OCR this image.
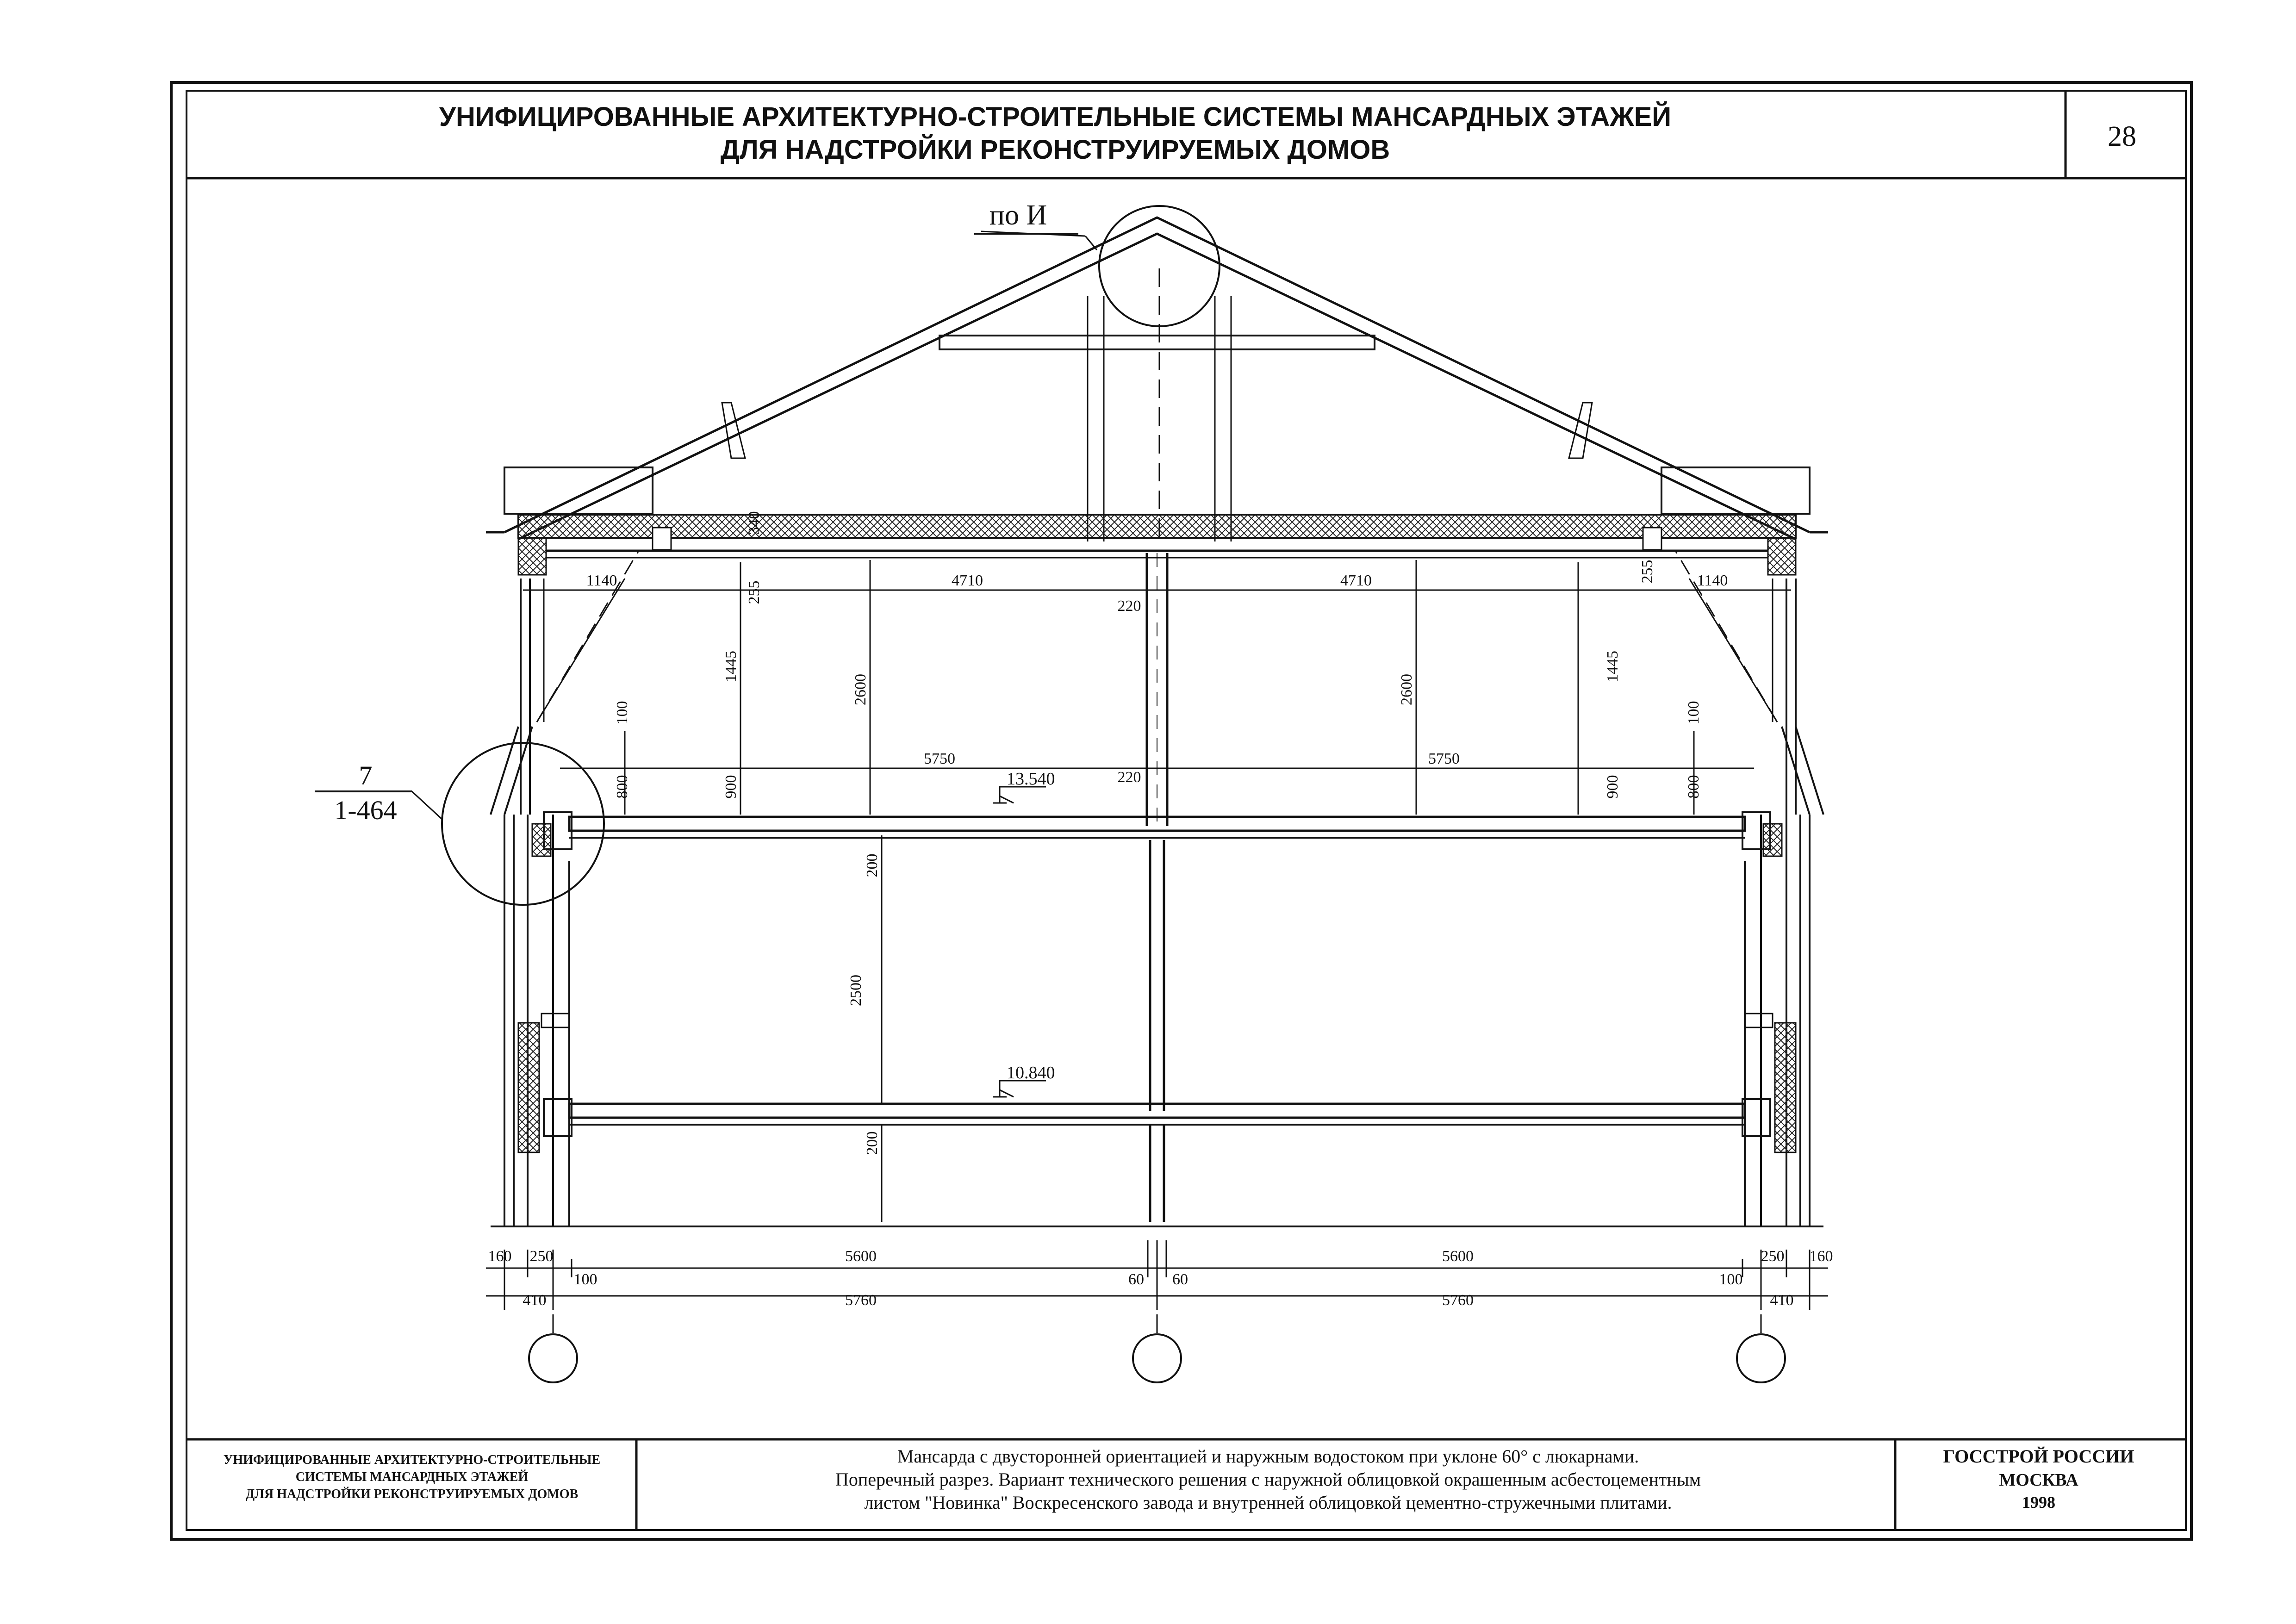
УНИФИЦИРОВАННЫЕ АРХИТЕКТУРНО-СТРОИТЕЛЬНЫЕ СИСТЕМЫ МАНСАРДНЫХ ЭТАЖЕЙ
ДЛЯ НАДСТРОЙКИ РЕКОНСТРУИРУЕМЫХ ДОМОВ	28
7
1-464
по И
13.540
10.840
1140	4710
220
4710	1140
5750
220
5750
340
255
255
1445	1445
2600	2600
100	100
800	800
900	900
200
2500
200
160 250	5600	5600	250 160
100	60 60	100
410	5760	5760	410
УНИФИЦИРОВАННЫЕ АРХИТЕКТУРНО-СТРОИТЕЛЬНЫЕ
СИСТЕМЫ МАНСАРДНЫХ ЭТАЖЕЙ
ДЛЯ НАДСТРОЙКИ РЕКОНСТРУИРУЕМЫХ ДОМОВ
Мансарда с двусторонней ориентацией и наружным водостоком при уклоне 60° с люкарнами.
Поперечный разрез. Вариант технического решения с наружной облицовкой окрашенным асбестоцементным
листом "Новинка" Воскресенского завода и внутренней облицовкой цементно-стружечными плитами.
ГОССТРОЙ РОССИИ
МОСКВА
1998
